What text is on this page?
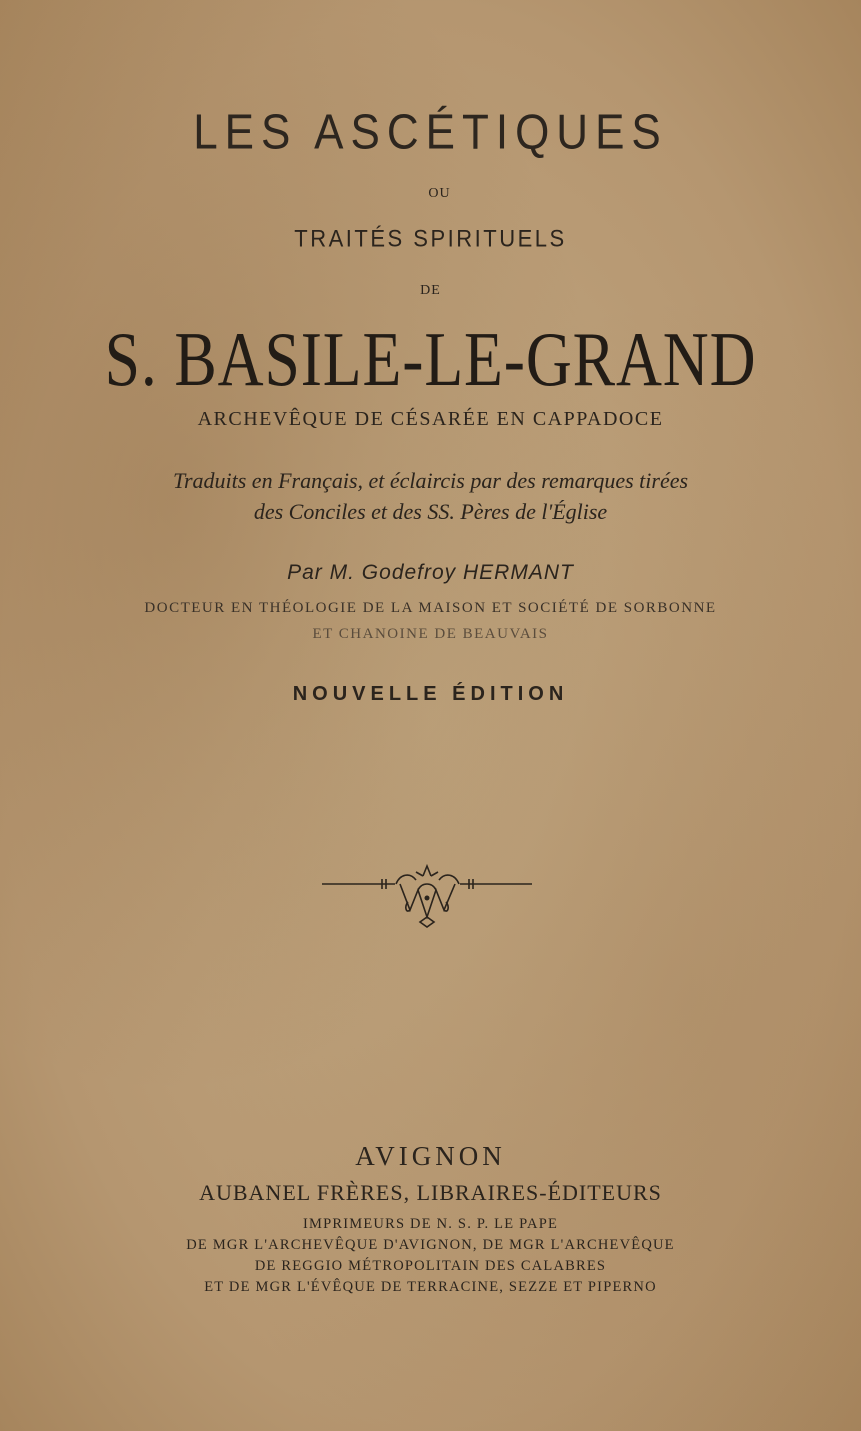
LES ASCÉTIQUES
OU
TRAITÉS SPIRITUELS
DE
S. BASILE-LE-GRAND
ARCHEVÊQUE DE CÉSARÉE EN CAPPADOCE
Traduits en Français, et éclaircis par des remarques tirées
des Conciles et des SS. Pères de l'Église
Par M. Godefroy HERMANT
DOCTEUR EN THÉOLOGIE DE LA MAISON ET SOCIÉTÉ DE SORBONNE
ET CHANOINE DE BEAUVAIS
NOUVELLE ÉDITION
AVIGNON
AUBANEL FRÈRES, LIBRAIRES-ÉDITEURS
IMPRIMEURS DE N. S. P. LE PAPE
DE MGR L'ARCHEVÊQUE D'AVIGNON, DE MGR L'ARCHEVÊQUE
DE REGGIO MÉTROPOLITAIN DES CALABRES
ET DE MGR L'ÉVÊQUE DE TERRACINE, SEZZE ET PIPERNO
